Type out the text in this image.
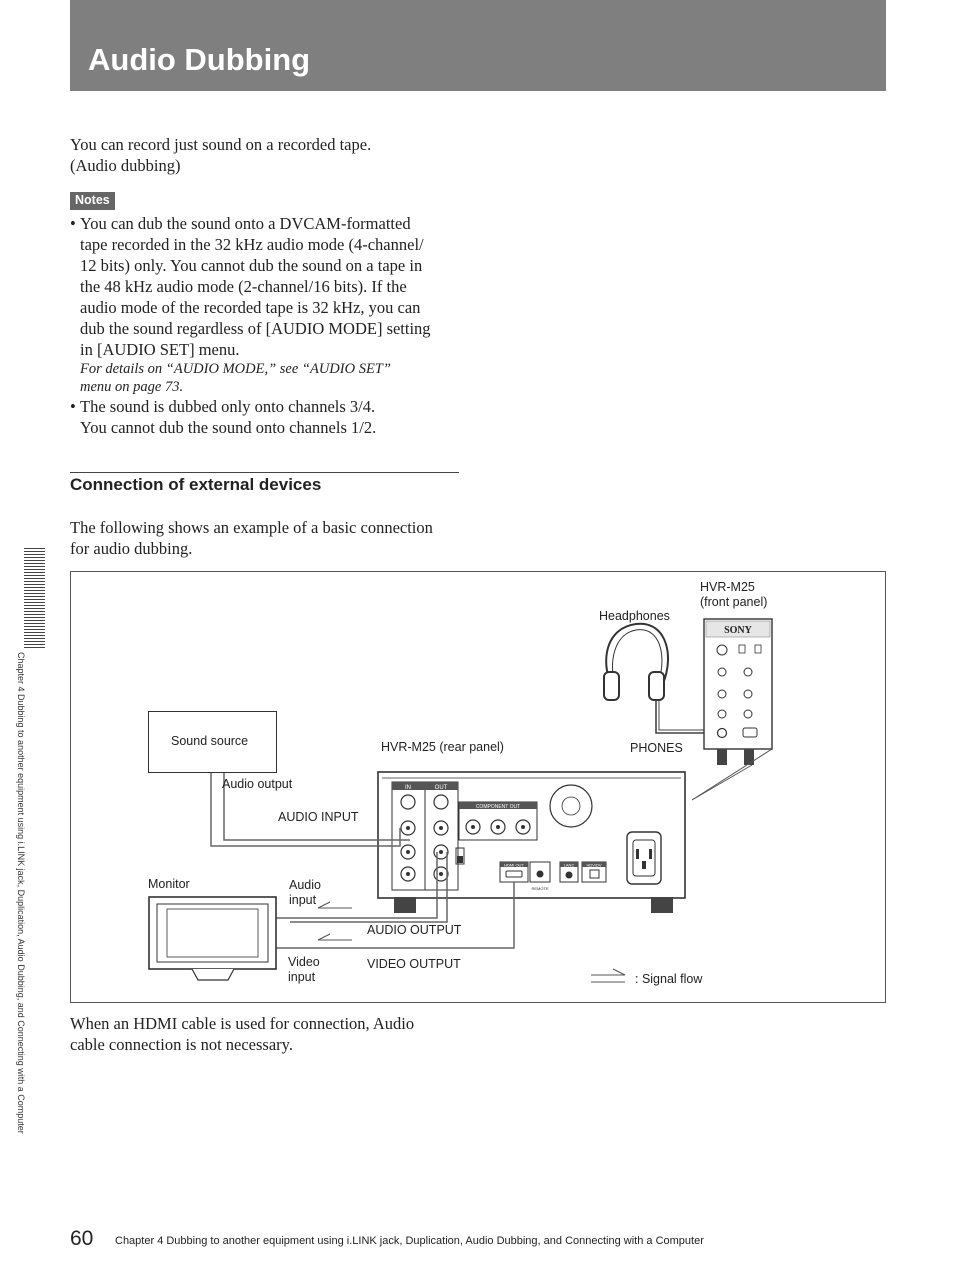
Audio Dubbing
You can record just sound on a recorded tape.
(Audio dubbing)
Notes
• You can dub the sound onto a DVCAM-formatted
tape recorded in the 32 kHz audio mode (4-channel/
12 bits) only. You cannot dub the sound on a tape in
the 48 kHz audio mode (2-channel/16 bits). If the
audio mode of the recorded tape is 32 kHz, you can
dub the sound regardless of [AUDIO MODE] setting
in [AUDIO SET] menu.
For details on “AUDIO MODE,” see “AUDIO SET”
menu on page 73.
• The sound is dubbed only onto channels 3/4.
You cannot dub the sound onto channels 1/2.
Connection of external devices
The following shows an example of a basic connection
for audio dubbing.
SONY
IN	OUT
COMPONENT OUT
HDMI OUT
REMOTE
LANC	HDV/DV
Sound source
Audio output
AUDIO INPUT
HVR-M25 (rear panel)
HVR-M25
(front panel)
Headphones
PHONES
Monitor	Audio
input
AUDIO OUTPUT
Video
input
VIDEO OUTPUT
: Signal flow
When an HDMI cable is used for connection, Audio
cable connection is not necessary.
Chapter 4 Dubbing to another equipment using i.LINK jack, Duplication, Audio Dubbing, and Connecting with a Computer
60 Chapter 4 Dubbing to another equipment using i.LINK jack, Duplication, Audio Dubbing, and Connecting with a Computer
